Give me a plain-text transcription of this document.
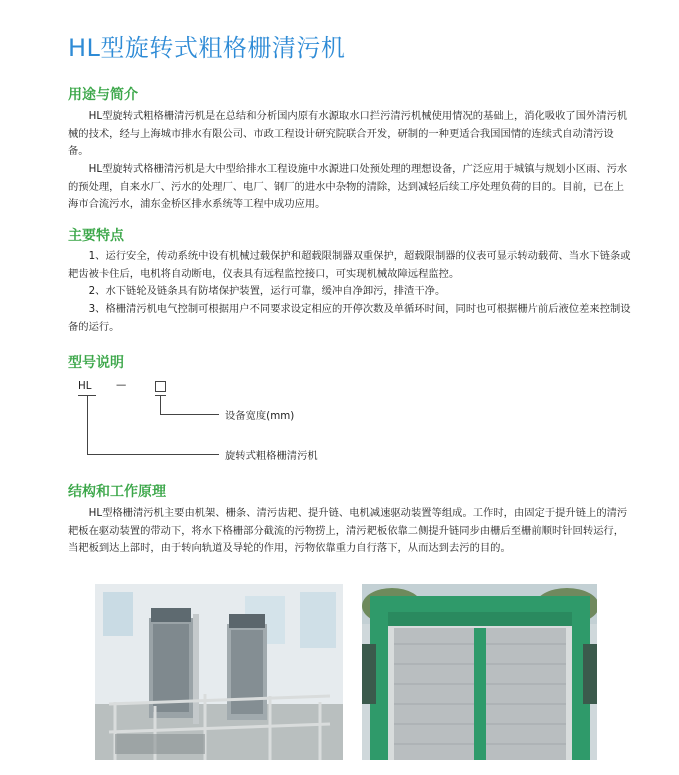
HL型旋转式粗格栅清污机
用途与简介

HL型旋转式粗格栅清污机是在总结和分析国内原有水源取水口拦污清污机械使用情况的基础上，消化吸收了国外清污机械的技术，经与上海城市排水有限公司、市政工程设计研究院联合开发，研制的一种更适合我国国情的连续式自动清污设备。

HL型旋转式格栅清污机是大中型给排水工程设施中水源进口处预处理的理想设备，广泛应用于城镇与规划小区雨、污水的预处理，自来水厂、污水的处理厂、电厂、钢厂的进水中杂物的清除，达到减轻后续工序处理负荷的目的。目前，已在上海市合流污水，浦东金桥区排水系统等工程中成功应用。

主要特点

1、运行安全，传动系统中设有机械过载保护和超载限制器双重保护，超载限制器的仪表可显示转动载荷、当水下链条或耙齿被卡住后，电机将自动断电，仪表具有远程监控接口，可实现机械故障远程监控。

2、水下链轮及链条具有防堵保护装置，运行可靠，缓冲自净卸污，排渣干净。

3、格栅清污机电气控制可根据用户不同要求设定相应的开停次数及单循环时间，同时也可根据栅片前后液位差来控制设备的运行。

型号说明
HL —
设备宽度(mm)
旋转式粗格栅清污机
结构和工作原理

HL型格栅清污机主要由机架、栅条、清污齿耙、提升链、电机减速驱动装置等组成。工作时，由固定于提升链上的清污耙板在驱动装置的带动下，将水下格栅部分截流的污物捞上，清污耙板依靠二侧提升链同步由栅后至栅前顺时针回转运行，当耙板到达上部时，由于转向轨道及导轮的作用，污物依靠重力自行落下，从而达到去污的目的。
